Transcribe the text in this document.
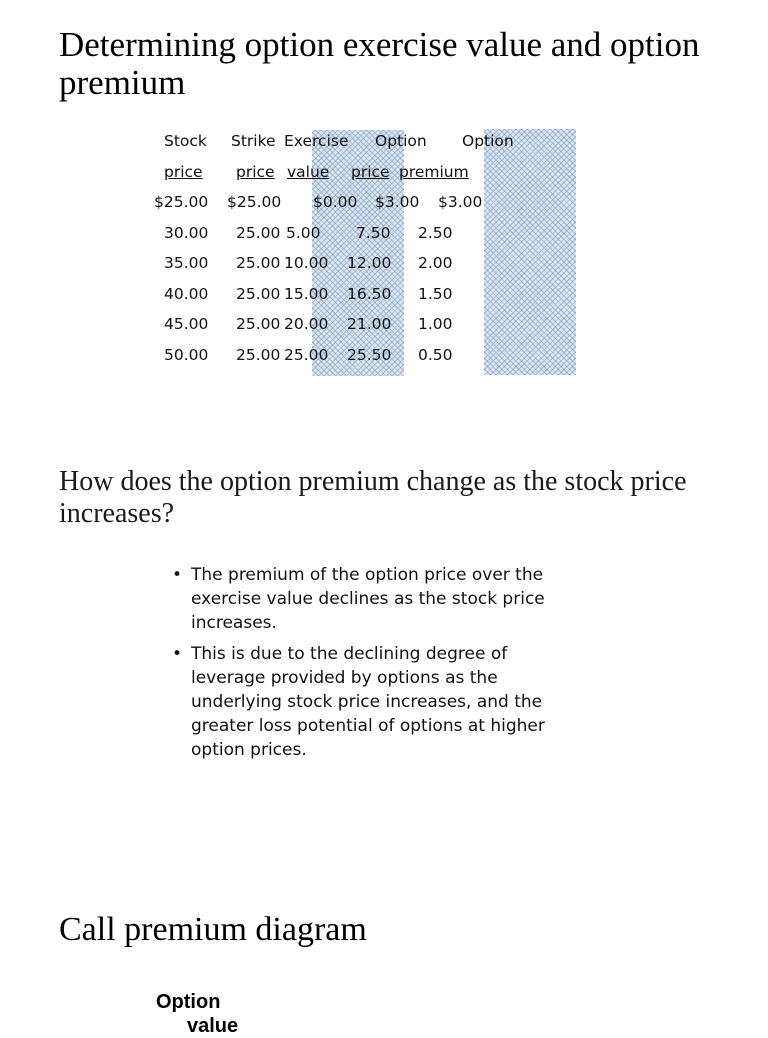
Determining option exercise value and option premium
Stock Strike Exercise Option Option
price price value price premium
$25.00 $25.00 $0.00 $3.00 $3.00
30.00 25.00 5.00 7.50 2.50
35.00 25.00 10.00 12.00 2.00
40.00 25.00 15.00 16.50 1.50
45.00 25.00 20.00 21.00 1.00
50.00 25.00 25.00 25.50 0.50
How does the option premium change as the stock price increases?
• The premium of the option price over the exercise value declines as the stock price increases.
• This is due to the declining degree of leverage provided by options as the underlying stock price increases, and the greater loss potential of options at higher option prices.
Call premium diagram
Option
value
